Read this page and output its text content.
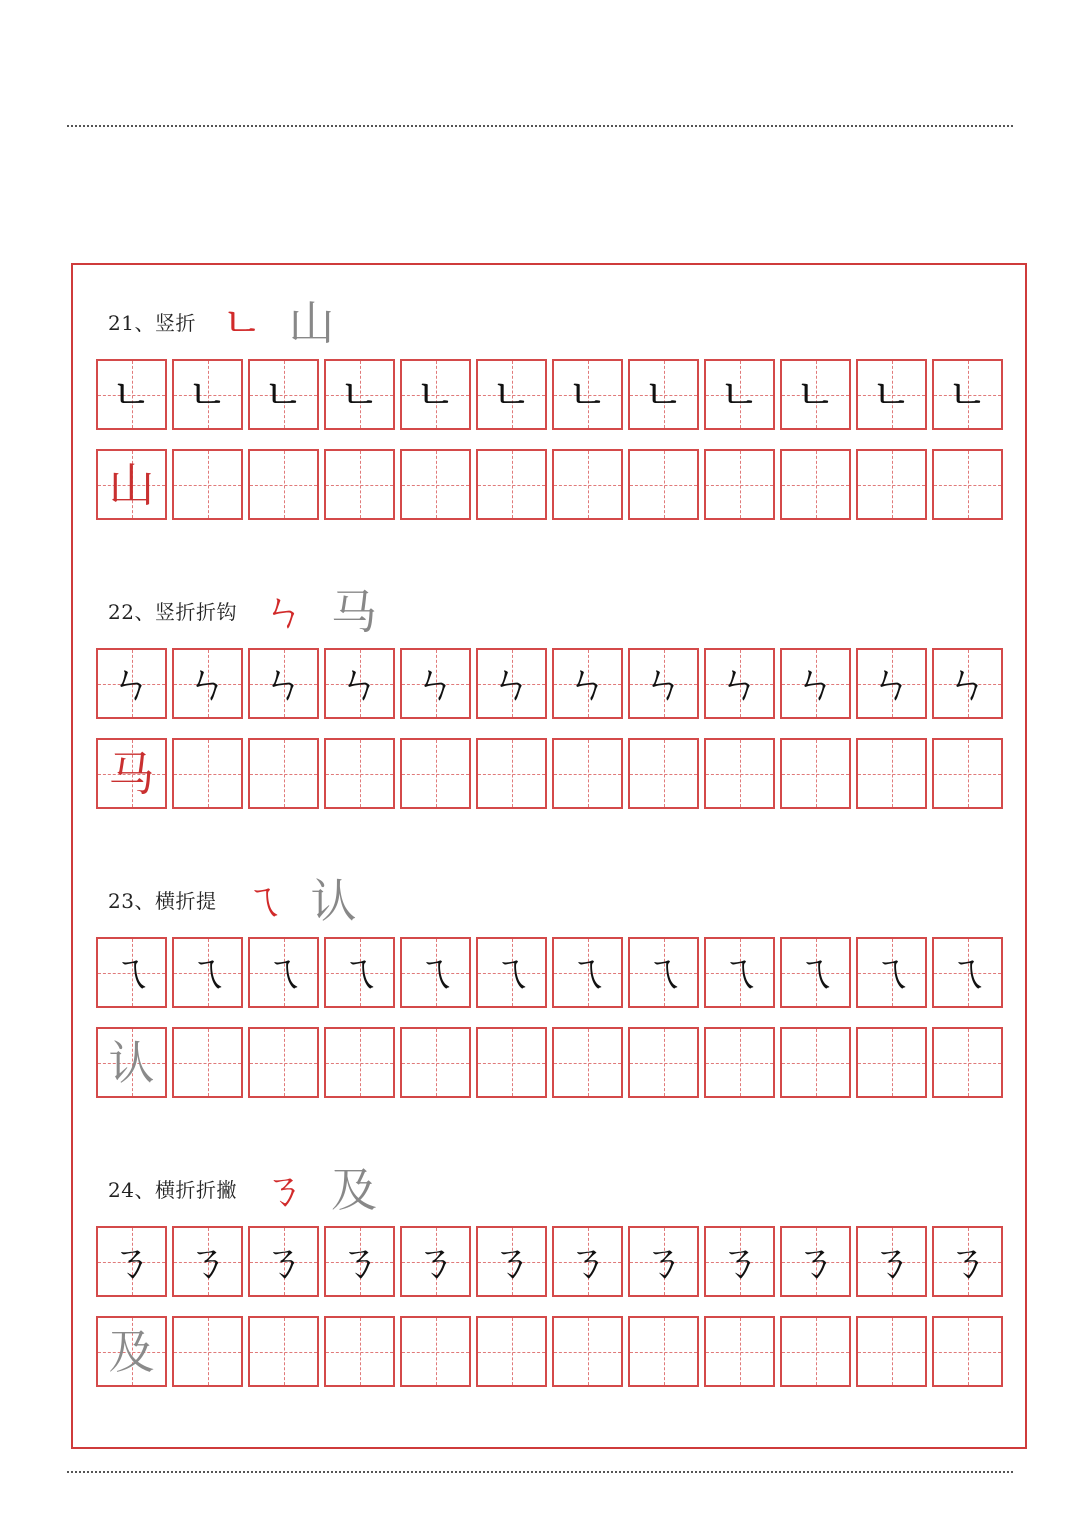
21、竖折 ㄴ 山
ㄴ ㄴ ㄴ ㄴ ㄴ ㄴ ㄴ ㄴ ㄴ ㄴ ㄴ ㄴ
山
22、竖折折钩 ㄣ 马
ㄣ ㄣ ㄣ ㄣ ㄣ ㄣ ㄣ ㄣ ㄣ ㄣ ㄣ ㄣ
马
23、横折提 ㄟ 认
ㄟ ㄟ ㄟ ㄟ ㄟ ㄟ ㄟ ㄟ ㄟ ㄟ ㄟ ㄟ
认
24、横折折撇 ㄋ 及
ㄋ ㄋ ㄋ ㄋ ㄋ ㄋ ㄋ ㄋ ㄋ ㄋ ㄋ ㄋ
及
